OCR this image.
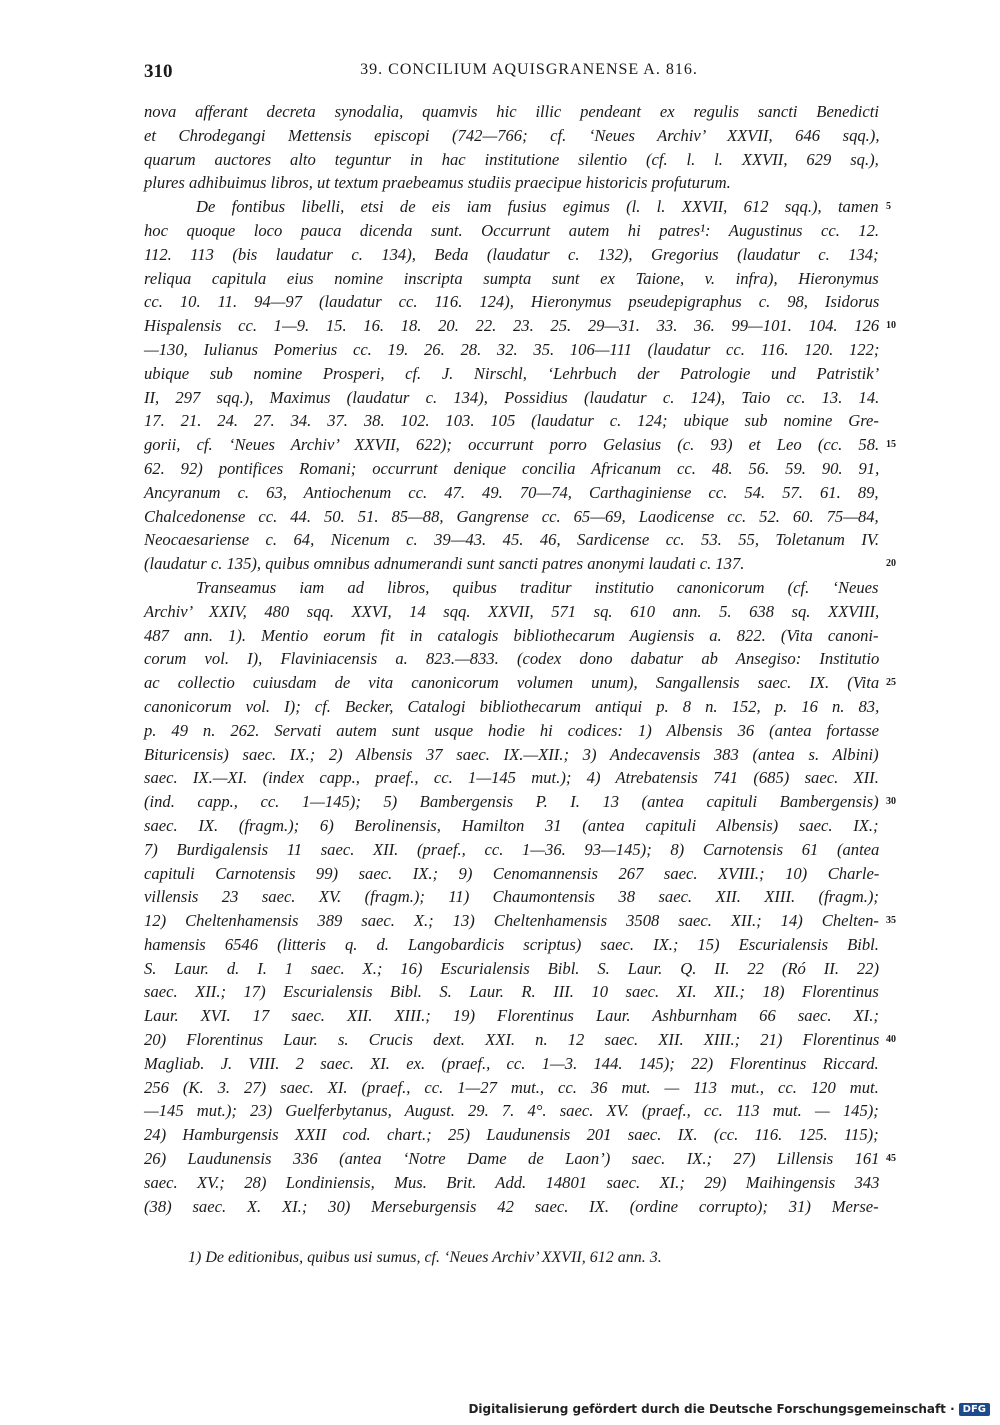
310	39. CONCILIUM AQUISGRANENSE A. 816.
nova afferant decreta synodalia, quamvis hic illic pendeant ex regulis sancti Benedicti
et Chrodegangi Mettensis episcopi (742—766; cf. ‘Neues Archiv’ XXVII, 646 sqq.),
quarum auctores alto teguntur in hac institutione silentio (cf. l. l. XXVII, 629 sq.),
plures adhibuimus libros, ut textum praebeamus studiis praecipue historicis profuturum.
De fontibus libelli, etsi de eis iam fusius egimus (l. l. XXVII, 612 sqq.), tamen 5
hoc quoque loco pauca dicenda sunt. Occurrunt autem hi patres¹: Augustinus cc. 12.
112. 113 (bis laudatur c. 134), Beda (laudatur c. 132), Gregorius (laudatur c. 134;
reliqua capitula eius nomine inscripta sumpta sunt ex Taione, v. infra), Hieronymus
cc. 10. 11. 94—97 (laudatur cc. 116. 124), Hieronymus pseudepigraphus c. 98, Isidorus
Hispalensis cc. 1—9. 15. 16. 18. 20. 22. 23. 25. 29—31. 33. 36. 99—101. 104. 126 10
—130, Iulianus Pomerius cc. 19. 26. 28. 32. 35. 106—111 (laudatur cc. 116. 120. 122;
ubique sub nomine Prosperi, cf. J. Nirschl, ‘Lehrbuch der Patrologie und Patristik’
II, 297 sqq.), Maximus (laudatur c. 134), Possidius (laudatur c. 124), Taio cc. 13. 14.
17. 21. 24. 27. 34. 37. 38. 102. 103. 105 (laudatur c. 124; ubique sub nomine Gre-
gorii, cf. ‘Neues Archiv’ XXVII, 622); occurrunt porro Gelasius (c. 93) et Leo (cc. 58. 15
62. 92) pontifices Romani; occurrunt denique concilia Africanum cc. 48. 56. 59. 90. 91,
Ancyranum c. 63, Antiochenum cc. 47. 49. 70—74, Carthaginiense cc. 54. 57. 61. 89,
Chalcedonense cc. 44. 50. 51. 85—88, Gangrense cc. 65—69, Laodicense cc. 52. 60. 75—84,
Neocaesariense c. 64, Nicenum c. 39—43. 45. 46, Sardicense cc. 53. 55, Toletanum IV.
(laudatur c. 135), quibus omnibus adnumerandi sunt sancti patres anonymi laudati c. 137.	20
Transeamus iam ad libros, quibus traditur institutio canonicorum (cf. ‘Neues
Archiv’ XXIV, 480 sqq. XXVI, 14 sqq. XXVII, 571 sq. 610 ann. 5. 638 sq. XXVIII,
487 ann. 1). Mentio eorum fit in catalogis bibliothecarum Augiensis a. 822. (Vita canoni-
corum vol. I), Flaviniacensis a. 823.—833. (codex dono dabatur ab Ansegiso: Institutio
ac collectio cuiusdam de vita canonicorum volumen unum), Sangallensis saec. IX. (Vita 25
canonicorum vol. I); cf. Becker, Catalogi bibliothecarum antiqui p. 8 n. 152, p. 16 n. 83,
p. 49 n. 262. Servati autem sunt usque hodie hi codices: 1) Albensis 36 (antea fortasse
Bituricensis) saec. IX.; 2) Albensis 37 saec. IX.—XII.; 3) Andecavensis 383 (antea s. Albini)
saec. IX.—XI. (index capp., praef., cc. 1—145 mut.); 4) Atrebatensis 741 (685) saec. XII.
(ind. capp., cc. 1—145); 5) Bambergensis P. I. 13 (antea capituli Bambergensis) 30
saec. IX. (fragm.); 6) Berolinensis, Hamilton 31 (antea capituli Albensis) saec. IX.;
7) Burdigalensis 11 saec. XII. (praef., cc. 1—36. 93—145); 8) Carnotensis 61 (antea
capituli Carnotensis 99) saec. IX.; 9) Cenomannensis 267 saec. XVIII.; 10) Charle-
villensis 23 saec. XV. (fragm.); 11) Chaumontensis 38 saec. XII. XIII. (fragm.);
12) Cheltenhamensis 389 saec. X.; 13) Cheltenhamensis 3508 saec. XII.; 14) Chelten- 35
hamensis 6546 (litteris q. d. Langobardicis scriptus) saec. IX.; 15) Escurialensis Bibl.
S. Laur. d. I. 1 saec. X.; 16) Escurialensis Bibl. S. Laur. Q. II. 22 (Ró II. 22)
saec. XII.; 17) Escurialensis Bibl. S. Laur. R. III. 10 saec. XI. XII.; 18) Florentinus
Laur. XVI. 17 saec. XII. XIII.; 19) Florentinus Laur. Ashburnham 66 saec. XI.;
20) Florentinus Laur. s. Crucis dext. XXI. n. 12 saec. XII. XIII.; 21) Florentinus 40
Magliab. J. VIII. 2 saec. XI. ex. (praef., cc. 1—3. 144. 145); 22) Florentinus Riccard.
256 (K. 3. 27) saec. XI. (praef., cc. 1—27 mut., cc. 36 mut. — 113 mut., cc. 120 mut.
—145 mut.); 23) Guelferbytanus, August. 29. 7. 4°. saec. XV. (praef., cc. 113 mut. — 145);
24) Hamburgensis XXII cod. chart.; 25) Laudunensis 201 saec. IX. (cc. 116. 125. 115);
26) Laudunensis 336 (antea ‘Notre Dame de Laon’) saec. IX.; 27) Lillensis 161 45
saec. XV.; 28) Londiniensis, Mus. Brit. Add. 14801 saec. XI.; 29) Maihingensis 343
(38) saec. X. XI.; 30) Merseburgensis 42 saec. IX. (ordine corrupto); 31) Merse-
1) De editionibus, quibus usi sumus, cf. ‘Neues Archiv’ XXVII, 612 ann. 3.
Digitalisierung gefördert durch die Deutsche Forschungsgemeinschaft · DFG
